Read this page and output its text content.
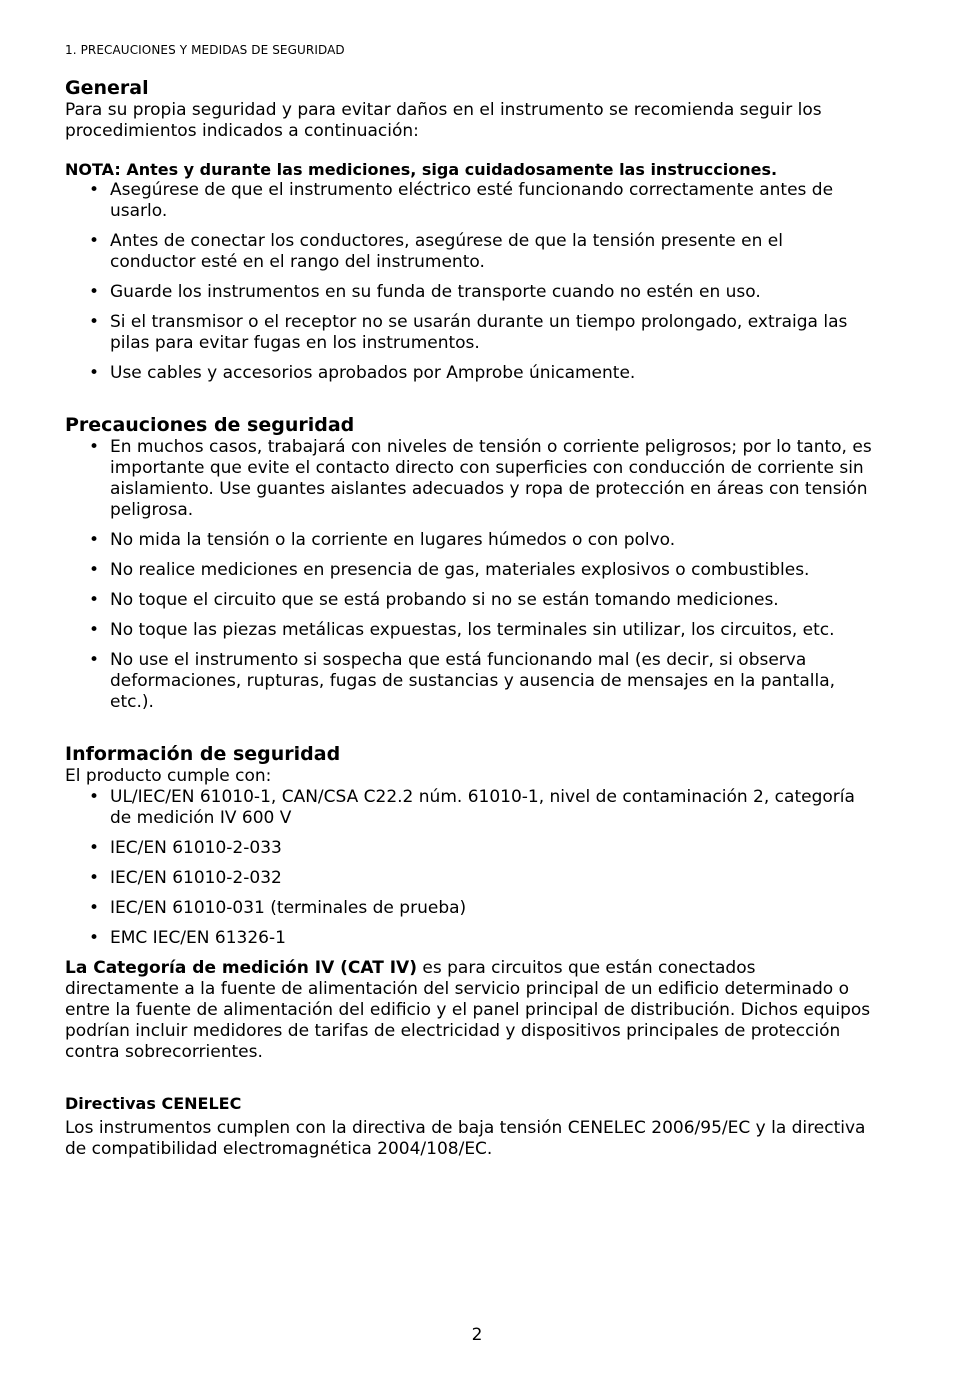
1. PRECAUCIONES Y MEDIDAS DE SEGURIDAD
General

Para su propia seguridad y para evitar daños en el instrumento se recomienda seguir los procedimientos indicados a continuación:

NOTA: Antes y durante las mediciones, siga cuidadosamente las instrucciones.

• Asegúrese de que el instrumento eléctrico esté funcionando correctamente antes de usarlo.
• Antes de conectar los conductores, asegúrese de que la tensión presente en el conductor esté en el rango del instrumento.
• Guarde los instrumentos en su funda de transporte cuando no estén en uso.
• Si el transmisor o el receptor no se usarán durante un tiempo prolongado, extraiga las pilas para evitar fugas en los instrumentos.
• Use cables y accesorios aprobados por Amprobe únicamente.
Precauciones de seguridad
• En muchos casos, trabajará con niveles de tensión o corriente peligrosos; por lo tanto, es importante que evite el contacto directo con superficies con conducción de corriente sin aislamiento. Use guantes aislantes adecuados y ropa de protección en áreas con tensión peligrosa.
• No mida la tensión o la corriente en lugares húmedos o con polvo.
• No realice mediciones en presencia de gas, materiales explosivos o combustibles.
• No toque el circuito que se está probando si no se están tomando mediciones.
• No toque las piezas metálicas expuestas, los terminales sin utilizar, los circuitos, etc.
• No use el instrumento si sospecha que está funcionando mal (es decir, si observa deformaciones, rupturas, fugas de sustancias y ausencia de mensajes en la pantalla, etc.).
Información de seguridad

El producto cumple con:

• UL/IEC/EN 61010-1, CAN/CSA C22.2 núm. 61010-1, nivel de contaminación 2, categoría de medición IV 600 V
• IEC/EN 61010-2-033
• IEC/EN 61010-2-032
• IEC/EN 61010-031 (terminales de prueba)
• EMC IEC/EN 61326-1

La Categoría de medición IV (CAT IV) es para circuitos que están conectados directamente a la fuente de alimentación del servicio principal de un edificio determinado o entre la fuente de alimentación del edificio y el panel principal de distribución. Dichos equipos podrían incluir medidores de tarifas de electricidad y dispositivos principales de protección contra sobrecorrientes.

Directivas CENELEC

Los instrumentos cumplen con la directiva de baja tensión CENELEC 2006/95/EC y la directiva de compatibilidad electromagnética 2004/108/EC.

2
